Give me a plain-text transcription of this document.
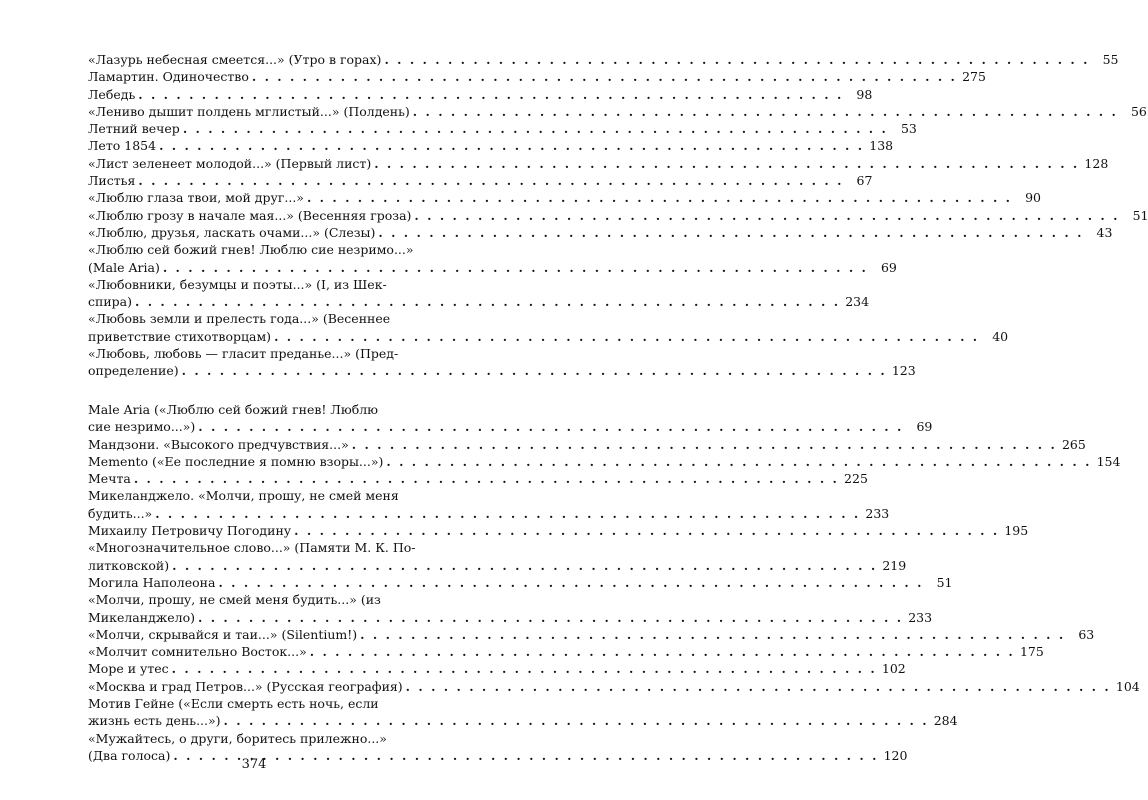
«Лазурь небесная смеется...» (Утро в горах) . . .	55
Ламартин. Одиночество . . .	275
Лебедь . . .	98
«Лениво дышит полдень мглистый...» (Полдень) . . .	56
Летний вечер . . .	53
Лето 1854 . . .	138
«Лист зеленеет молодой...» (Первый лист) . . .	128
Листья . . .	67
«Люблю глаза твои, мой друг...» . . .	90
«Люблю грозу в начале мая...» (Весенняя гроза) . . .	51
«Люблю, друзья, ласкать очами...» (Слезы) . . .	43
«Люблю сей божий гнев! Люблю сие незримо...»
(Male Aria) . . .	69
«Любовники, безумцы и поэты...» (I, из Шек-
спира) . . .	234
«Любовь земли и прелесть года...» (Весеннее
приветствие стихотворцам) . . .	40
«Любовь, любовь — гласит преданье...» (Пред-
определение) . . .	123
Male Aria («Люблю сей божий гнев! Люблю
сие незримо...») . . .	69
Мандзони. «Высокого предчувствия...» . . .	265
Memento («Ее последние я помню взоры...») . . .	154
Мечта . . .	225
Микеланджело. «Молчи, прошу, не смей меня
будить...» . . .	233
Михаилу Петровичу Погодину . . .	195
«Многозначительное слово...» (Памяти М. К. По-
литковской) . . .	219
Могила Наполеона . . .	51
«Молчи, прошу, не смей меня будить...» (из
Микеланджело) . . .	233
«Молчи, скрывайся и таи...» (Silentium!) . . .	63
«Молчит сомнительно Восток...» . . .	175
Море и утес . . .	102
«Москва и град Петров...» (Русская география) . . .	104
Мотив Гейне («Если смерть есть ночь, если
жизнь есть день...») . . .	284
«Мужайтесь, о други, боритесь прилежно...»
(Два голоса) . . .	120
374
